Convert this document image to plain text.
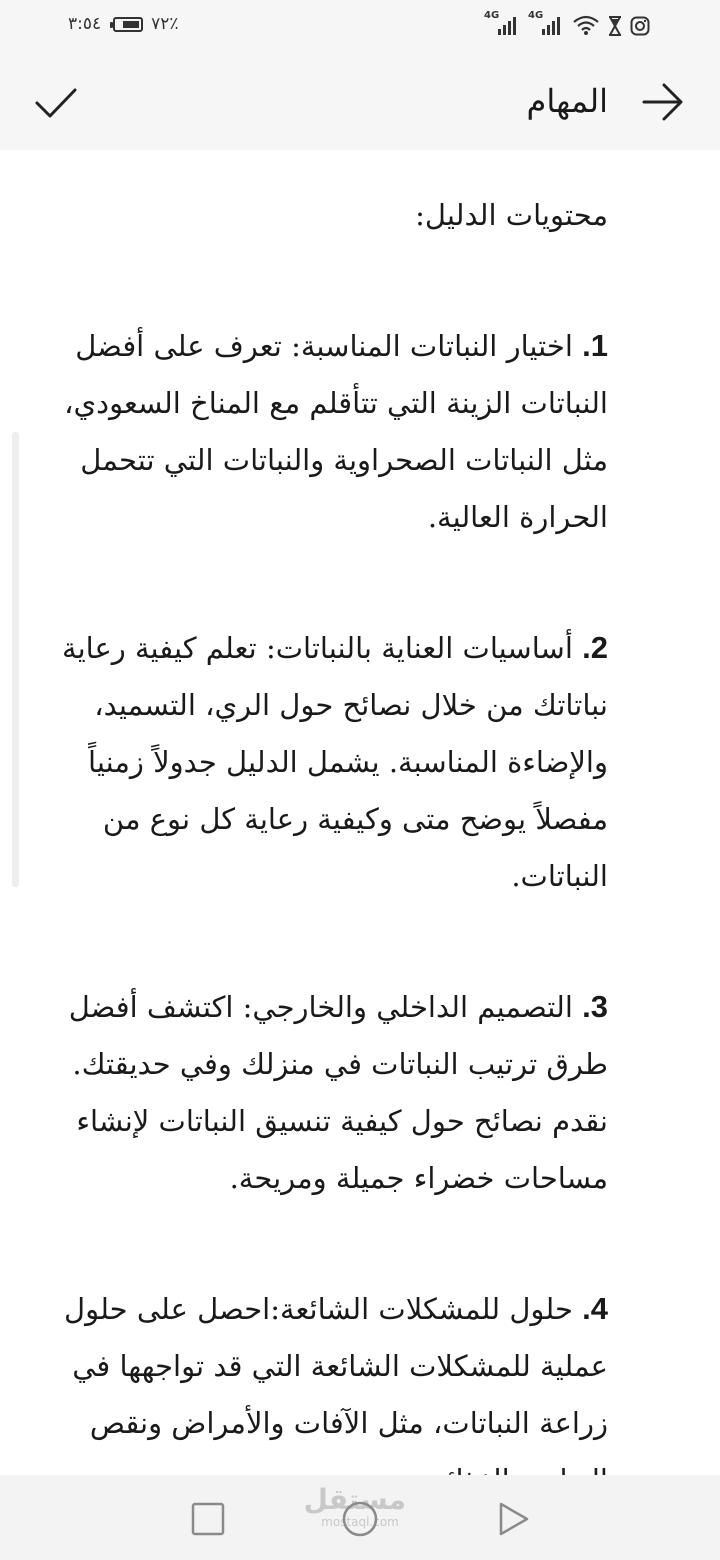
٣:٥٤	٧٢٪	4G	4G
المهام
محتويات الدليل:

1. اختيار النباتات المناسبة: تعرف على أفضل النباتات الزينة التي تتأقلم مع المناخ السعودي، مثل النباتات الصحراوية والنباتات التي تتحمل الحرارة العالية.

2. أساسيات العناية بالنباتات: تعلم كيفية رعاية نباتاتك من خلال نصائح حول الري، التسميد، والإضاءة المناسبة. يشمل الدليل جدولاً زمنياً مفصلاً يوضح متى وكيفية رعاية كل نوع من النباتات.

3. التصميم الداخلي والخارجي: اكتشف أفضل طرق ترتيب النباتات في منزلك وفي حديقتك. نقدم نصائح حول كيفية تنسيق النباتات لإنشاء مساحات خضراء جميلة ومريحة.

4. حلول للمشكلات الشائعة:احصل على حلول عملية للمشكلات الشائعة التي قد تواجهها في زراعة النباتات، مثل الآفات والأمراض ونقص

مستقل
mostaql.com
